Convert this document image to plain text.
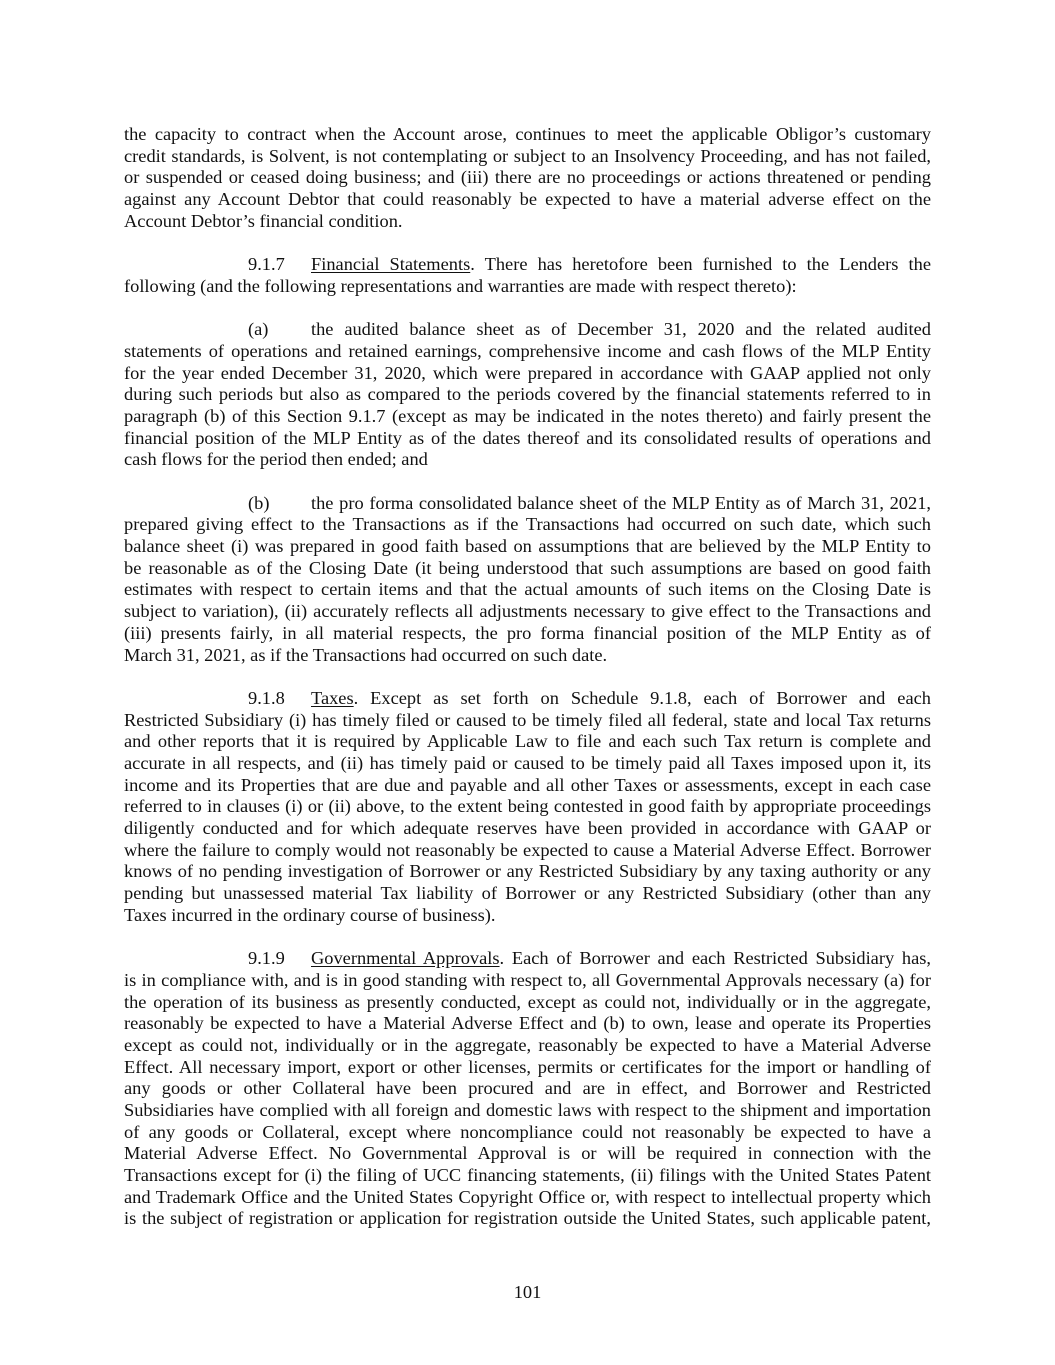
the capacity to contract when the Account arose, continues to meet the applicable Obligor’s customary
credit standards, is Solvent, is not contemplating or subject to an Insolvency Proceeding, and has not failed,
or suspended or ceased doing business; and (iii) there are no proceedings or actions threatened or pending
against any Account Debtor that could reasonably be expected to have a material adverse effect on the
Account Debtor’s financial condition.
9.1.7	Financial Statements. There has heretofore been furnished to the Lenders the
following (and the following representations and warranties are made with respect thereto):
(a)	the audited balance sheet as of December 31, 2020 and the related audited
statements of operations and retained earnings, comprehensive income and cash flows of the MLP Entity
for the year ended December 31, 2020, which were prepared in accordance with GAAP applied not only
during such periods but also as compared to the periods covered by the financial statements referred to in
paragraph (b) of this Section 9.1.7 (except as may be indicated in the notes thereto) and fairly present the
financial position of the MLP Entity as of the dates thereof and its consolidated results of operations and
cash flows for the period then ended; and
(b)	the pro forma consolidated balance sheet of the MLP Entity as of March 31, 2021,
prepared giving effect to the Transactions as if the Transactions had occurred on such date, which such
balance sheet (i) was prepared in good faith based on assumptions that are believed by the MLP Entity to
be reasonable as of the Closing Date (it being understood that such assumptions are based on good faith
estimates with respect to certain items and that the actual amounts of such items on the Closing Date is
subject to variation), (ii) accurately reflects all adjustments necessary to give effect to the Transactions and
(iii) presents fairly, in all material respects, the pro forma financial position of the MLP Entity as of
March 31, 2021, as if the Transactions had occurred on such date.
9.1.8	Taxes. Except as set forth on Schedule 9.1.8, each of Borrower and each
Restricted Subsidiary (i) has timely filed or caused to be timely filed all federal, state and local Tax returns
and other reports that it is required by Applicable Law to file and each such Tax return is complete and
accurate in all respects, and (ii) has timely paid or caused to be timely paid all Taxes imposed upon it, its
income and its Properties that are due and payable and all other Taxes or assessments, except in each case
referred to in clauses (i) or (ii) above, to the extent being contested in good faith by appropriate proceedings
diligently conducted and for which adequate reserves have been provided in accordance with GAAP or
where the failure to comply would not reasonably be expected to cause a Material Adverse Effect. Borrower
knows of no pending investigation of Borrower or any Restricted Subsidiary by any taxing authority or any
pending but unassessed material Tax liability of Borrower or any Restricted Subsidiary (other than any
Taxes incurred in the ordinary course of business).
9.1.9	Governmental Approvals. Each of Borrower and each Restricted Subsidiary has,
is in compliance with, and is in good standing with respect to, all Governmental Approvals necessary (a) for
the operation of its business as presently conducted, except as could not, individually or in the aggregate,
reasonably be expected to have a Material Adverse Effect and (b) to own, lease and operate its Properties
except as could not, individually or in the aggregate, reasonably be expected to have a Material Adverse
Effect. All necessary import, export or other licenses, permits or certificates for the import or handling of
any goods or other Collateral have been procured and are in effect, and Borrower and Restricted
Subsidiaries have complied with all foreign and domestic laws with respect to the shipment and importation
of any goods or Collateral, except where noncompliance could not reasonably be expected to have a
Material Adverse Effect. No Governmental Approval is or will be required in connection with the
Transactions except for (i) the filing of UCC financing statements, (ii) filings with the United States Patent
and Trademark Office and the United States Copyright Office or, with respect to intellectual property which
is the subject of registration or application for registration outside the United States, such applicable patent,
101
